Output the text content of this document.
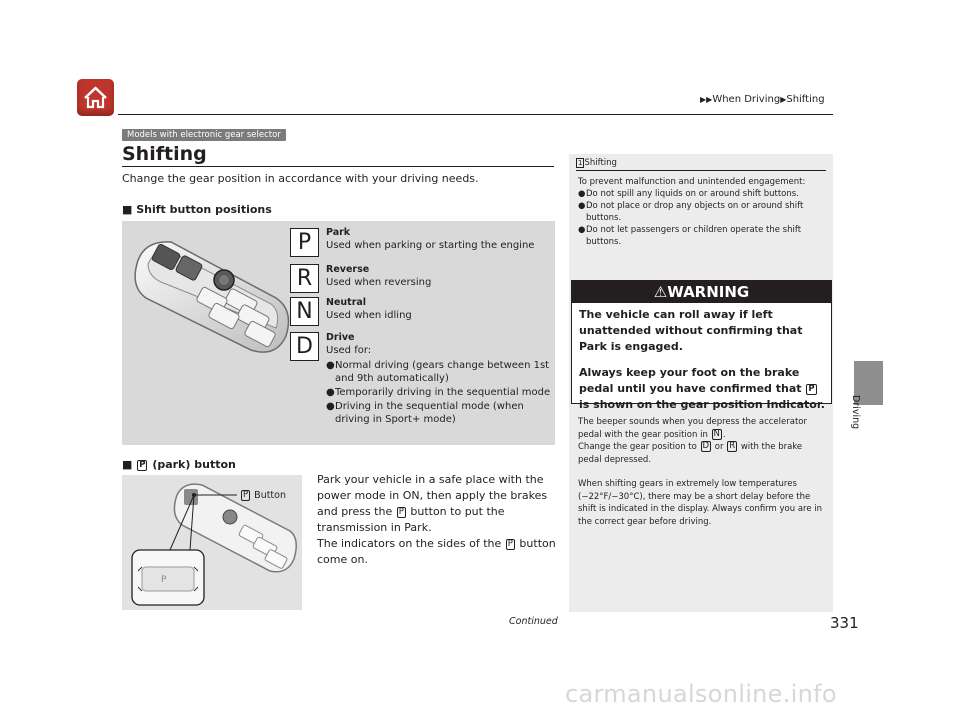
▶▶When Driving▶Shifting
Driving
Models with electronic gear selector
Shifting
Change the gear position in accordance with your driving needs.
■ Shift button positions
P	Park
Used when parking or starting the engine
R	Reverse
Used when reversing
N	Neutral
Used when idling
D	Drive
Used for:
● Normal driving (gears change between 1st and 9th automatically)
● Temporarily driving in the sequential mode
● Driving in the sequential mode (when driving in Sport+ mode)
■ P (park) button
P
P Button
Park your vehicle in a safe place with the power mode in ON, then apply the brakes and press the P button to put the transmission in Park.
The indicators on the sides of the P button come on.
1 Shifting
To prevent malfunction and unintended engagement:
● Do not spill any liquids on or around shift buttons.
● Do not place or drop any objects on or around shift buttons.
● Do not let passengers or children operate the shift buttons.
⚠WARNING
The vehicle can roll away if left unattended without confirming that Park is engaged.
Always keep your foot on the brake pedal until you have confirmed that P is shown on the gear position Indicator.
The beeper sounds when you depress the accelerator pedal with the gear position in N .
Change the gear position to D or R with the brake pedal depressed.
When shifting gears in extremely low temperatures (−22°F/−30°C), there may be a short delay before the shift is indicated in the display. Always confirm you are in the correct gear before driving.
Continued	331
carmanualsonline.info
